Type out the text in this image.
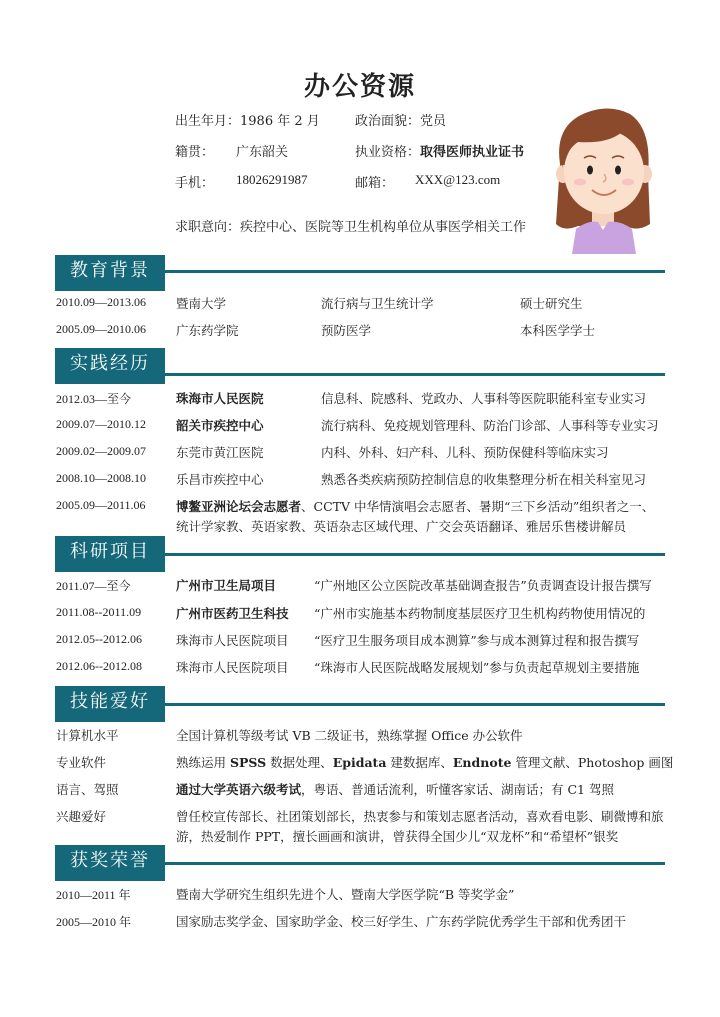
办公资源
出生年月：1986 年 2 月	政治面貌：党员
籍贯： 广东韶关	执业资格：取得医师执业证书
手机： 18026291987	邮箱： XXX@123.com
求职意向：疾控中心、医院等卫生机构单位从事医学相关工作
教育背景
2010.09—2013.06 暨南大学	流行病与卫生统计学	硕士研究生
2005.09—2010.06 广东药学院	预防医学	本科医学学士
实践经历
2012.03—至今	珠海市人民医院	信息科、院感科、党政办、人事科等医院职能科室专业实习
2009.07—2010.12 韶关市疾控中心	流行病科、免疫规划管理科、防治门诊部、人事科等专业实习
2009.02—2009.07 东莞市黄江医院	内科、外科、妇产科、儿科、预防保健科等临床实习
2008.10—2008.10 乐昌市疾控中心	熟悉各类疾病预防控制信息的收集整理分析在相关科室见习
2005.09—2011.06 博鳌亚洲论坛会志愿者、CCTV 中华情演唱会志愿者、暑期“三下乡活动”组织者之一、
统计学家教、英语家教、英语杂志区域代理、广交会英语翻译、雅居乐售楼讲解员
科研项目
2011.07—至今	广州市卫生局项目	“广州地区公立医院改革基础调查报告”负责调查设计报告撰写
2011.08--2011.09	广州市医药卫生科技 “广州市实施基本药物制度基层医疗卫生机构药物使用情况的
2012.05--2012.06	珠海市人民医院项目 “医疗卫生服务项目成本测算”参与成本测算过程和报告撰写
2012.06--2012.08	珠海市人民医院项目 “珠海市人民医院战略发展规划”参与负责起草规划主要措施
技能爱好
计算机水平	全国计算机等级考试 VB 二级证书，熟练掌握 Office 办公软件
专业软件	熟练运用 SPSS 数据处理、Epidata 建数据库、Endnote 管理文献、Photoshop 画图
语言、驾照	通过大学英语六级考试，粤语、普通话流利，听懂客家话、湖南话；有 C1 驾照
兴趣爱好	曾任校宣传部长、社团策划部长，热衷参与和策划志愿者活动，喜欢看电影、刷微博和旅
游，热爱制作 PPT，擅长画画和演讲，曾获得全国少儿“双龙杯”和“希望杯”银奖
获奖荣誉
2010—2011 年	暨南大学研究生组织先进个人、暨南大学医学院“B 等奖学金”
2005—2010 年	国家励志奖学金、国家助学金、校三好学生、广东药学院优秀学生干部和优秀团干
